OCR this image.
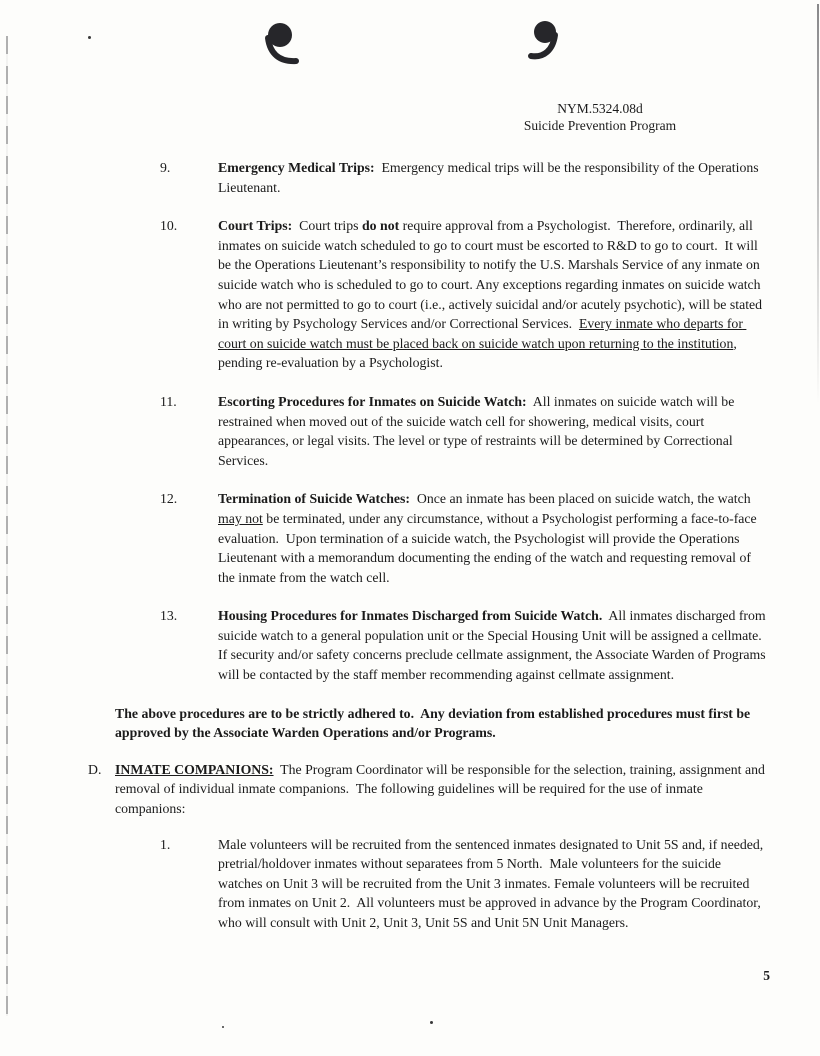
NYM.5324.08d
Suicide Prevention Program
9.	Emergency Medical Trips:  Emergency medical trips will be the responsibility of the Operations Lieutenant.
10.	Court Trips:  Court trips do not require approval from a Psychologist.  Therefore, ordinarily, all inmates on suicide watch scheduled to go to court must be escorted to R&D to go to court.  It will be the Operations Lieutenant’s responsibility to notify the U.S. Marshals Service of any inmate on suicide watch who is scheduled to go to court. Any exceptions regarding inmates on suicide watch who are not permitted to go to court (i.e., actively suicidal and/or acutely psychotic), will be stated in writing by Psychology Services and/or Correctional Services.  Every inmate who departs for court on suicide watch must be placed back on suicide watch upon returning to the institution, pending re-evaluation by a Psychologist.
11.	Escorting Procedures for Inmates on Suicide Watch:  All inmates on suicide watch will be restrained when moved out of the suicide watch cell for showering, medical visits, court appearances, or legal visits. The level or type of restraints will be determined by Correctional Services.
12.	Termination of Suicide Watches:  Once an inmate has been placed on suicide watch, the watch may not be terminated, under any circumstance, without a Psychologist performing a face-to-face evaluation.  Upon termination of a suicide watch, the Psychologist will provide the Operations Lieutenant with a memorandum documenting the ending of the watch and requesting removal of the inmate from the watch cell.
13.	Housing Procedures for Inmates Discharged from Suicide Watch.  All inmates discharged from suicide watch to a general population unit or the Special Housing Unit will be assigned a cellmate.  If security and/or safety concerns preclude cellmate assignment, the Associate Warden of Programs will be contacted by the staff member recommending against cellmate assignment.

The above procedures are to be strictly adhered to.  Any deviation from established procedures must first be approved by the Associate Warden Operations and/or Programs.

D. INMATE COMPANIONS:  The Program Coordinator will be responsible for the selection, training, assignment and removal of individual inmate companions.  The following guidelines will be required for the use of inmate companions:
1.	Male volunteers will be recruited from the sentenced inmates designated to Unit 5S and, if needed, pretrial/holdover inmates without separatees from 5 North.  Male volunteers for the suicide watches on Unit 3 will be recruited from the Unit 3 inmates. Female volunteers will be recruited from inmates on Unit 2.  All volunteers must be approved in advance by the Program Coordinator, who will consult with Unit 2, Unit 3, Unit 5S and Unit 5N Unit Managers.
5
